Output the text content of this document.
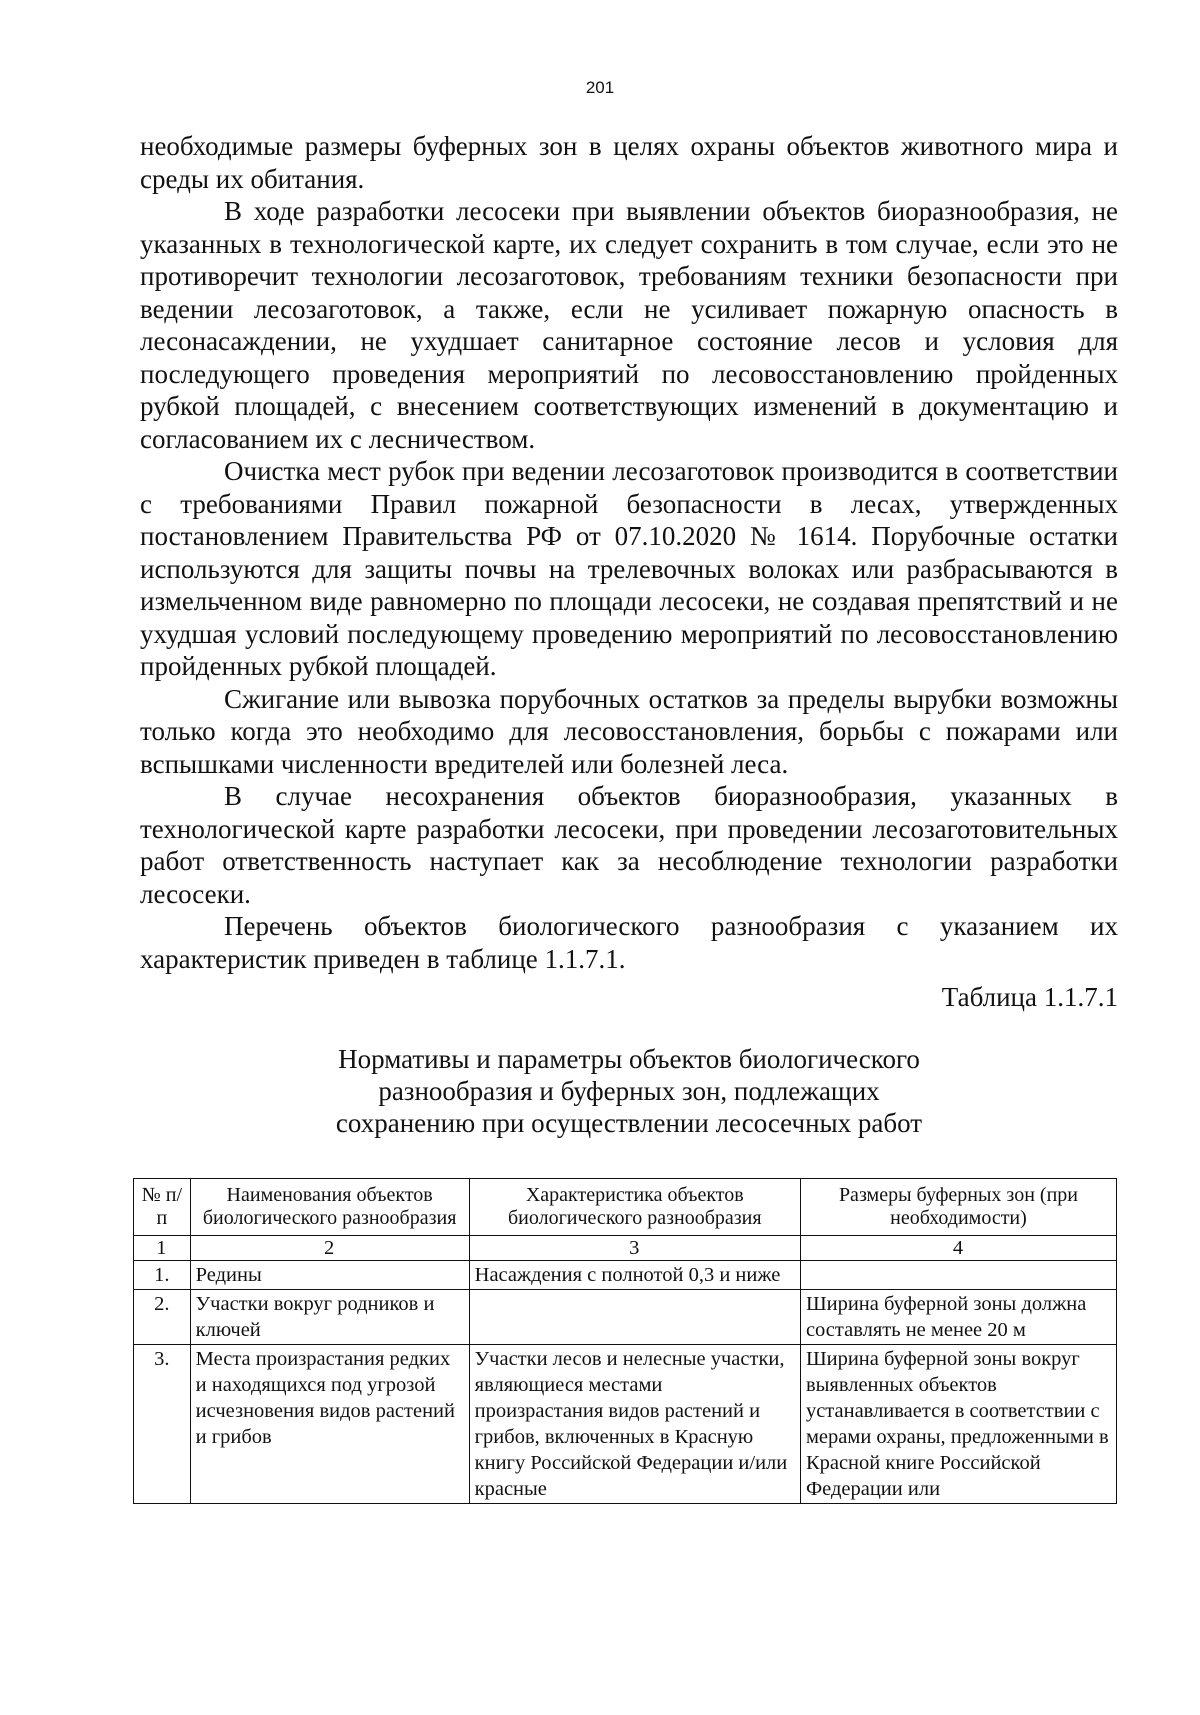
201

необходимые размеры буферных зон в целях охраны объектов животного мира и среды их обитания.

В ходе разработки лесосеки при выявлении объектов биоразнообразия, не указанных в технологической карте, их следует сохранить в том случае, если это не противоречит технологии лесозаготовок, требованиям техники безопасности при ведении лесозаготовок, а также, если не усиливает пожарную опасность в лесонасаждении, не ухудшает санитарное состояние лесов и условия для последующего проведения мероприятий по лесовосстановлению пройденных рубкой площадей, с внесением соответствующих изменений в документацию и согласованием их с лесничеством.

Очистка мест рубок при ведении лесозаготовок производится в соответствии с требованиями Правил пожарной безопасности в лесах, утвержденных постановлением Правительства РФ от 07.10.2020 № 1614. Порубочные остатки используются для защиты почвы на трелевочных волоках или разбрасываются в измельченном виде равномерно по площади лесосеки, не создавая препятствий и не ухудшая условий последующему проведению мероприятий по лесовосстановлению пройденных рубкой площадей.

Сжигание или вывозка порубочных остатков за пределы вырубки возможны только когда это необходимо для лесовосстановления, борьбы с пожарами или вспышками численности вредителей или болезней леса.

В случае несохранения объектов биоразнообразия, указанных в технологической карте разработки лесосеки, при проведении лесозаготовительных работ ответственность наступает как за несоблюдение технологии разработки лесосеки.

Перечень объектов биологического разнообразия с указанием их характеристик приведен в таблице 1.1.7.1.

Таблица 1.1.7.1

Нормативы и параметры объектов биологического разнообразия и буферных зон, подлежащих сохранению при осуществлении лесосечных работ

№ п/п	Наименования объектов биологического разнообразия	Характеристика объектов биологического разнообразия	Размеры буферных зон (при необходимости)
1	2	3	4
1.	Редины	Насаждения с полнотой 0,3 и ниже	
2.	Участки вокруг родников и ключей		Ширина буферной зоны должна составлять не менее 20 м
3.	Места произрастания редких и находящихся под угрозой исчезновения видов растений и грибов	Участки лесов и нелесные участки, являющиеся местами произрастания видов растений и грибов, включенных в Красную книгу Российской Федерации и/или красные	Ширина буферной зоны вокруг выявленных объектов устанавливается в соответствии с мерами охраны, предложенными в Красной книге Российской Федерации или
